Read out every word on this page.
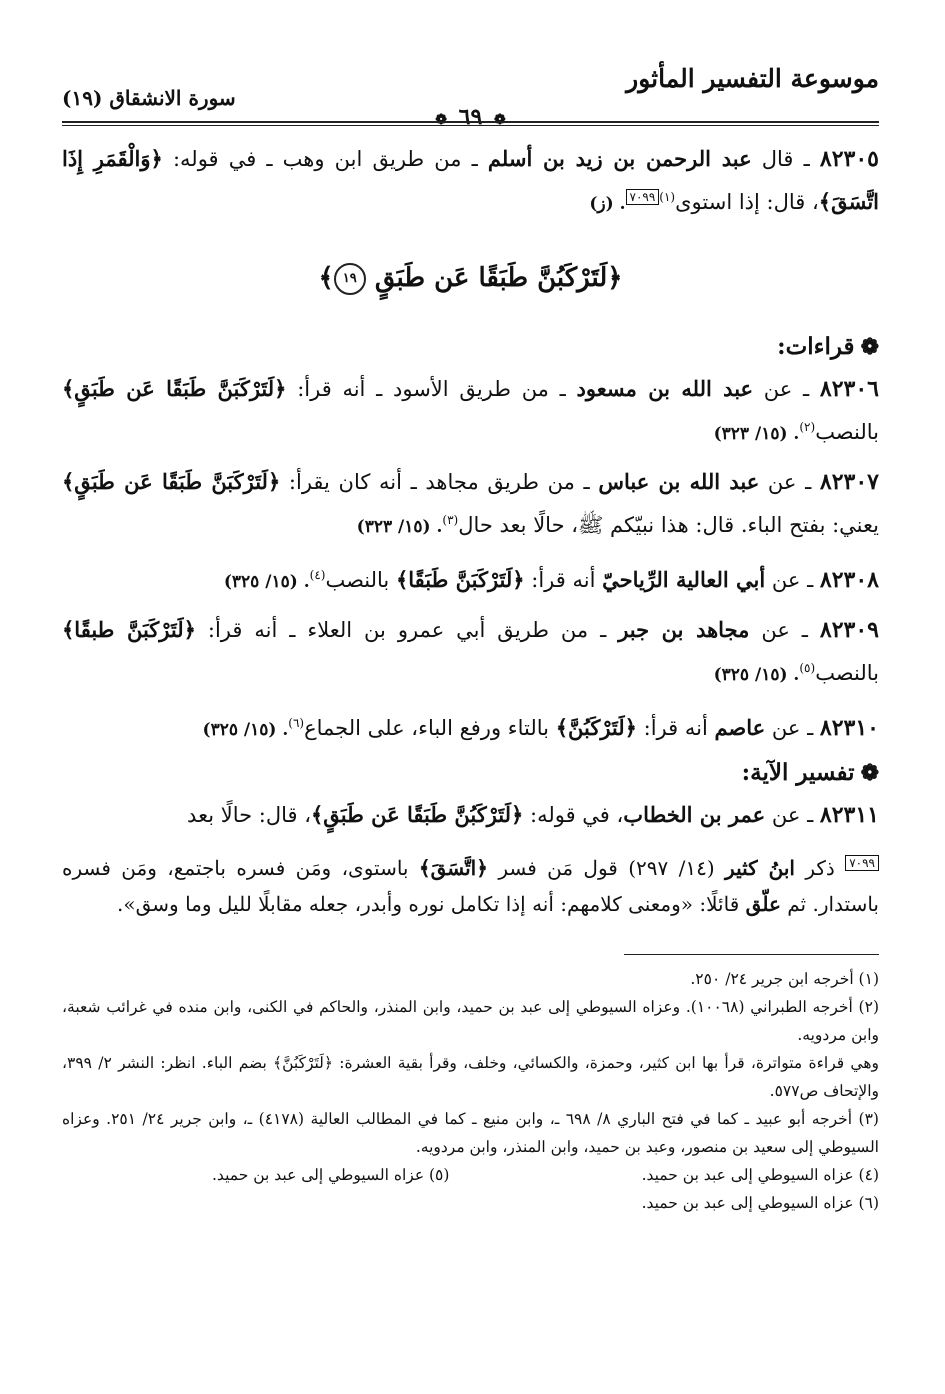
موسوعة التفسير المأثور
سورة الانشقاق (١٩)
❁ ٦٩ ❁

٨٢٣٠٥ ـ قال عبد الرحمن بن زيد بن أسلم ـ من طريق ابن وهب ـ في قوله: ﴿وَالْقَمَرِ إِذَا اتَّسَقَ﴾، قال: إذا استوى$^{(١)}$٧٠٩٩. (ز)

﴿لَتَرْكَبُنَّ طَبَقًا عَن طَبَقٍ ١٩﴾
❁قراءات:

٨٢٣٠٦ ـ عن عبد الله بن مسعود ـ من طريق الأسود ـ أنه قرأ: ﴿لَتَرْكَبَنَّ طَبَقًا عَن طَبَقٍ﴾ بالنصب$^{(٢)}$. (١٥/ ٣٢٣)

٨٢٣٠٧ ـ عن عبد الله بن عباس ـ من طريق مجاهد ـ أنه كان يقرأ: ﴿لَتَرْكَبَنَّ طَبَقًا عَن طَبَقٍ﴾ يعني: بفتح الباء. قال: هذا نبيّكم ﷺ، حالًا بعد حال$^{(٣)}$. (١٥/ ٣٢٣)

٨٢٣٠٨ ـ عن أبي العالية الرِّياحيّ أنه قرأ: ﴿لَتَرْكَبَنَّ طَبَقًا﴾ بالنصب$^{(٤)}$. (١٥/ ٣٢٥)

٨٢٣٠٩ ـ عن مجاهد بن جبر ـ من طريق أبي عمرو بن العلاء ـ أنه قرأ: ﴿لَتَرْكَبَنَّ طبقًا﴾ بالنصب$^{(٥)}$. (١٥/ ٣٢٥)

٨٢٣١٠ ـ عن عاصم أنه قرأ: ﴿لَتَرْكَبُنَّ﴾ بالتاء ورفع الباء، على الجماع$^{(٦)}$. (١٥/ ٣٢٥)

❁تفسير الآية:

٨٢٣١١ ـ عن عمر بن الخطاب، في قوله: ﴿لَتَرْكَبُنَّ طَبَقًا عَن طَبَقٍ﴾، قال: حالًا بعد

٧٠٩٩ ذكر ابنُ كثير (١٤/ ٢٩٧) قول مَن فسر ﴿اتَّسَقَ﴾ باستوى، ومَن فسره باجتمع، ومَن فسره باستدار. ثم علّق قائلًا: «ومعنى كلامهم: أنه إذا تكامل نوره وأبدر، جعله مقابلًا لليل وما وسق».

(١) أخرجه ابن جرير ٢٤/ ٢٥٠.

(٢) أخرجه الطبراني (١٠٠٦٨). وعزاه السيوطي إلى عبد بن حميد، وابن المنذر، والحاكم في الكنى، وابن منده في غرائب شعبة، وابن مردويه.

وهي قراءة متواترة، قرأ بها ابن كثير، وحمزة، والكسائي، وخلف، وقرأ بقية العشرة: ﴿لَتَرْكَبُنَّ﴾ بضم الباء. انظر: النشر ٢/ ٣٩٩، والإتحاف ص٥٧٧.

(٣) أخرجه أبو عبيد ـ كما في فتح الباري ٨/ ٦٩٨ ـ، وابن منيع ـ كما في المطالب العالية (٤١٧٨) ـ، وابن جرير ٢٤/ ٢٥١. وعزاه السيوطي إلى سعيد بن منصور، وعبد بن حميد، وابن المنذر، وابن مردويه.

(٤) عزاه السيوطي إلى عبد بن حميد.
(٥) عزاه السيوطي إلى عبد بن حميد.

(٦) عزاه السيوطي إلى عبد بن حميد.
